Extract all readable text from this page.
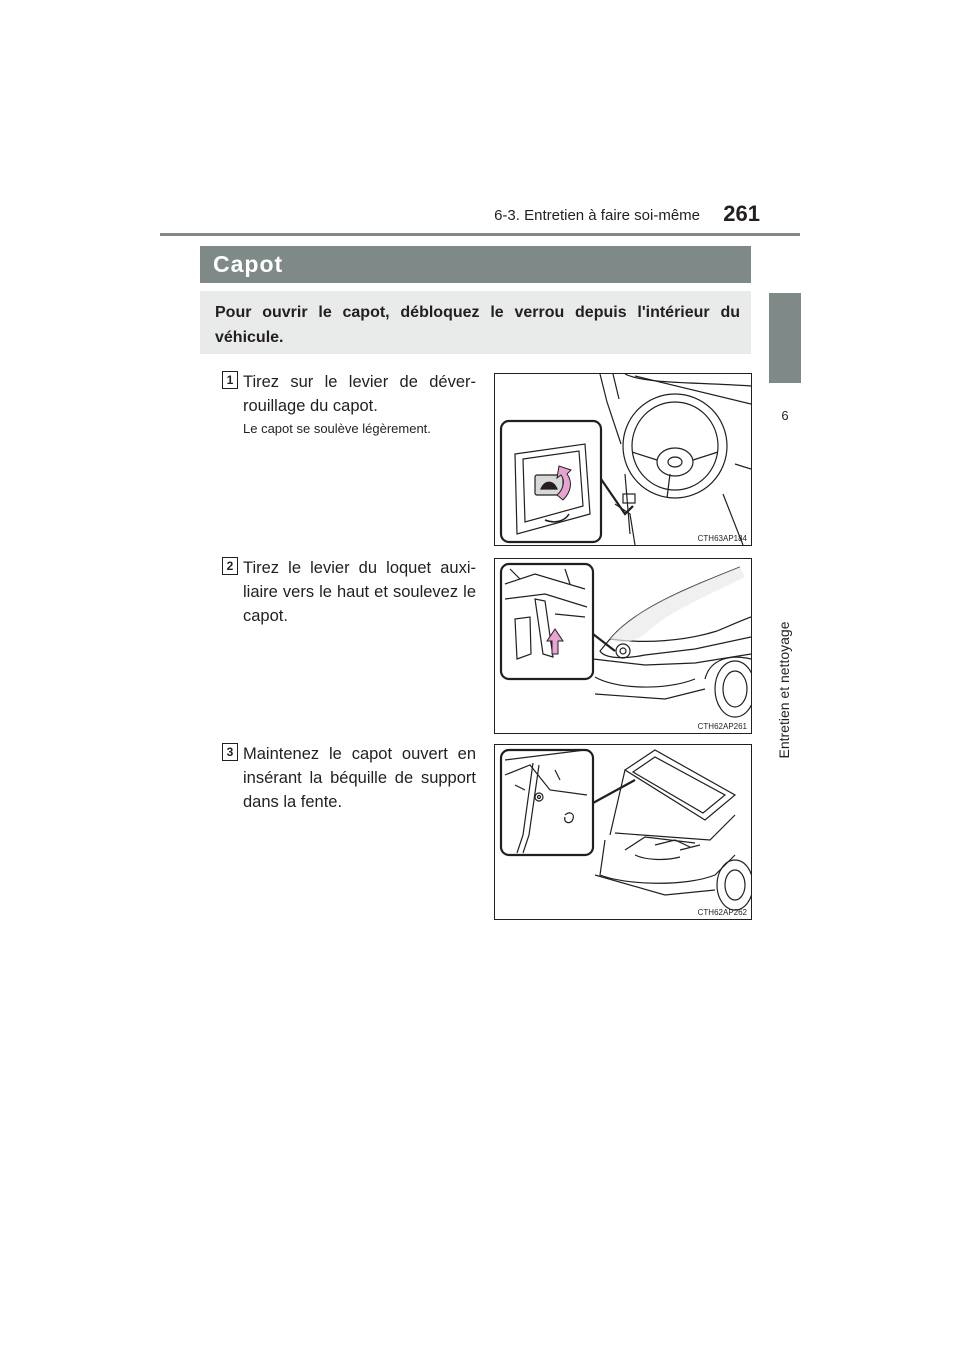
6-3. Entretien à faire soi-même	261
6
Entretien et nettoyage
Capot
Pour ouvrir le capot, débloquez le verrou depuis l'intérieur du véhicule.
1 Tirez sur le levier de déver-rouillage du capot.
Le capot se soulève légèrement.
CTH63AP184
2 Tirez le levier du loquet auxi-liaire vers le haut et soulevez le capot.
CTH62AP261
3 Maintenez le capot ouvert en insérant la béquille de support dans la fente.
CTH62AP262
